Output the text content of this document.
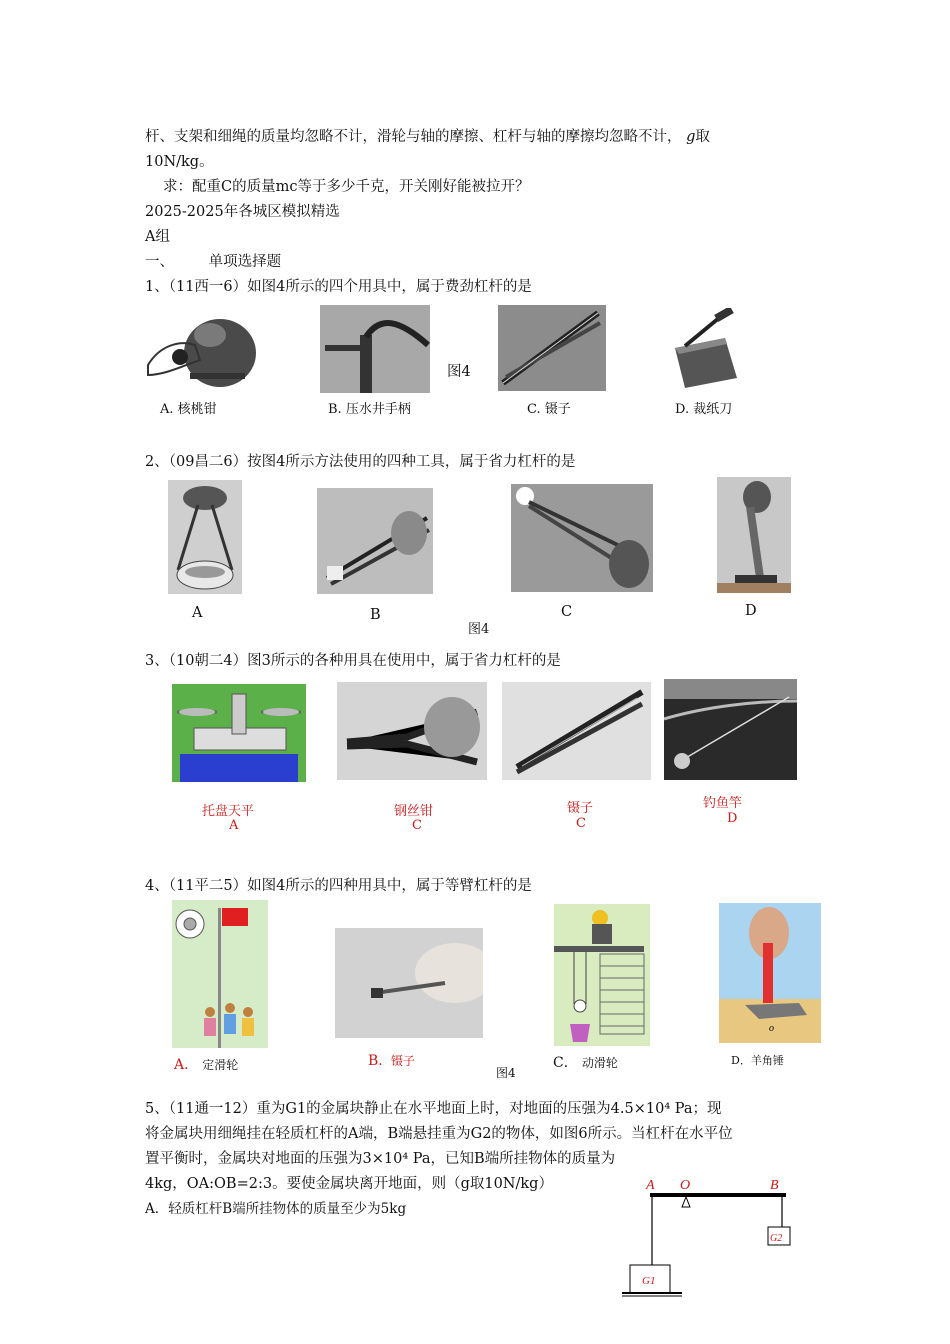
杆、支架和细绳的质量均忽略不计，滑轮与轴的摩擦、杠杆与轴的摩擦均忽略不计， g取
10N/kg。
求：配重C的质量mc等于多少千克，开关刚好能被拉开？
2025-2025年各城区模拟精选
A组
一、 单项选择题
1、（11西一6）如图4所示的四个用具中，属于费劲杠杆的是
图4
A. 核桃钳	B. 压水井手柄	C. 镊子	D. 裁纸刀
2、（09昌二6）按图4所示方法使用的四种工具，属于省力杠杆的是
A	B	C	D
图4
3、（10朝二4）图3所示的各种用具在使用中，属于省力杠杆的是
托盘天平
A
钢丝钳
C
镊子
C
钓鱼竿
D
4、（11平二5）如图4所示的四种用具中，属于等臂杠杆的是
o
A． 定滑轮	B. 镊子
图4
C． 动滑轮	D．羊角锤
5、（11通一12）重为G1的金属块静止在水平地面上时，对地面的压强为4.5×10⁴ Pa；现
将金属块用细绳挂在轻质杠杆的A端，B端悬挂重为G2的物体，如图6所示。当杠杆在水平位
置平衡时，金属块对地面的压强为3×10⁴ Pa，已知B端所挂物体的质量为
4kg，OA:OB=2:3。要使金属块离开地面，则（g取10N/kg）
A．轻质杠杆B端所挂物体的质量至少为5kg
A O	B
G1
G2
